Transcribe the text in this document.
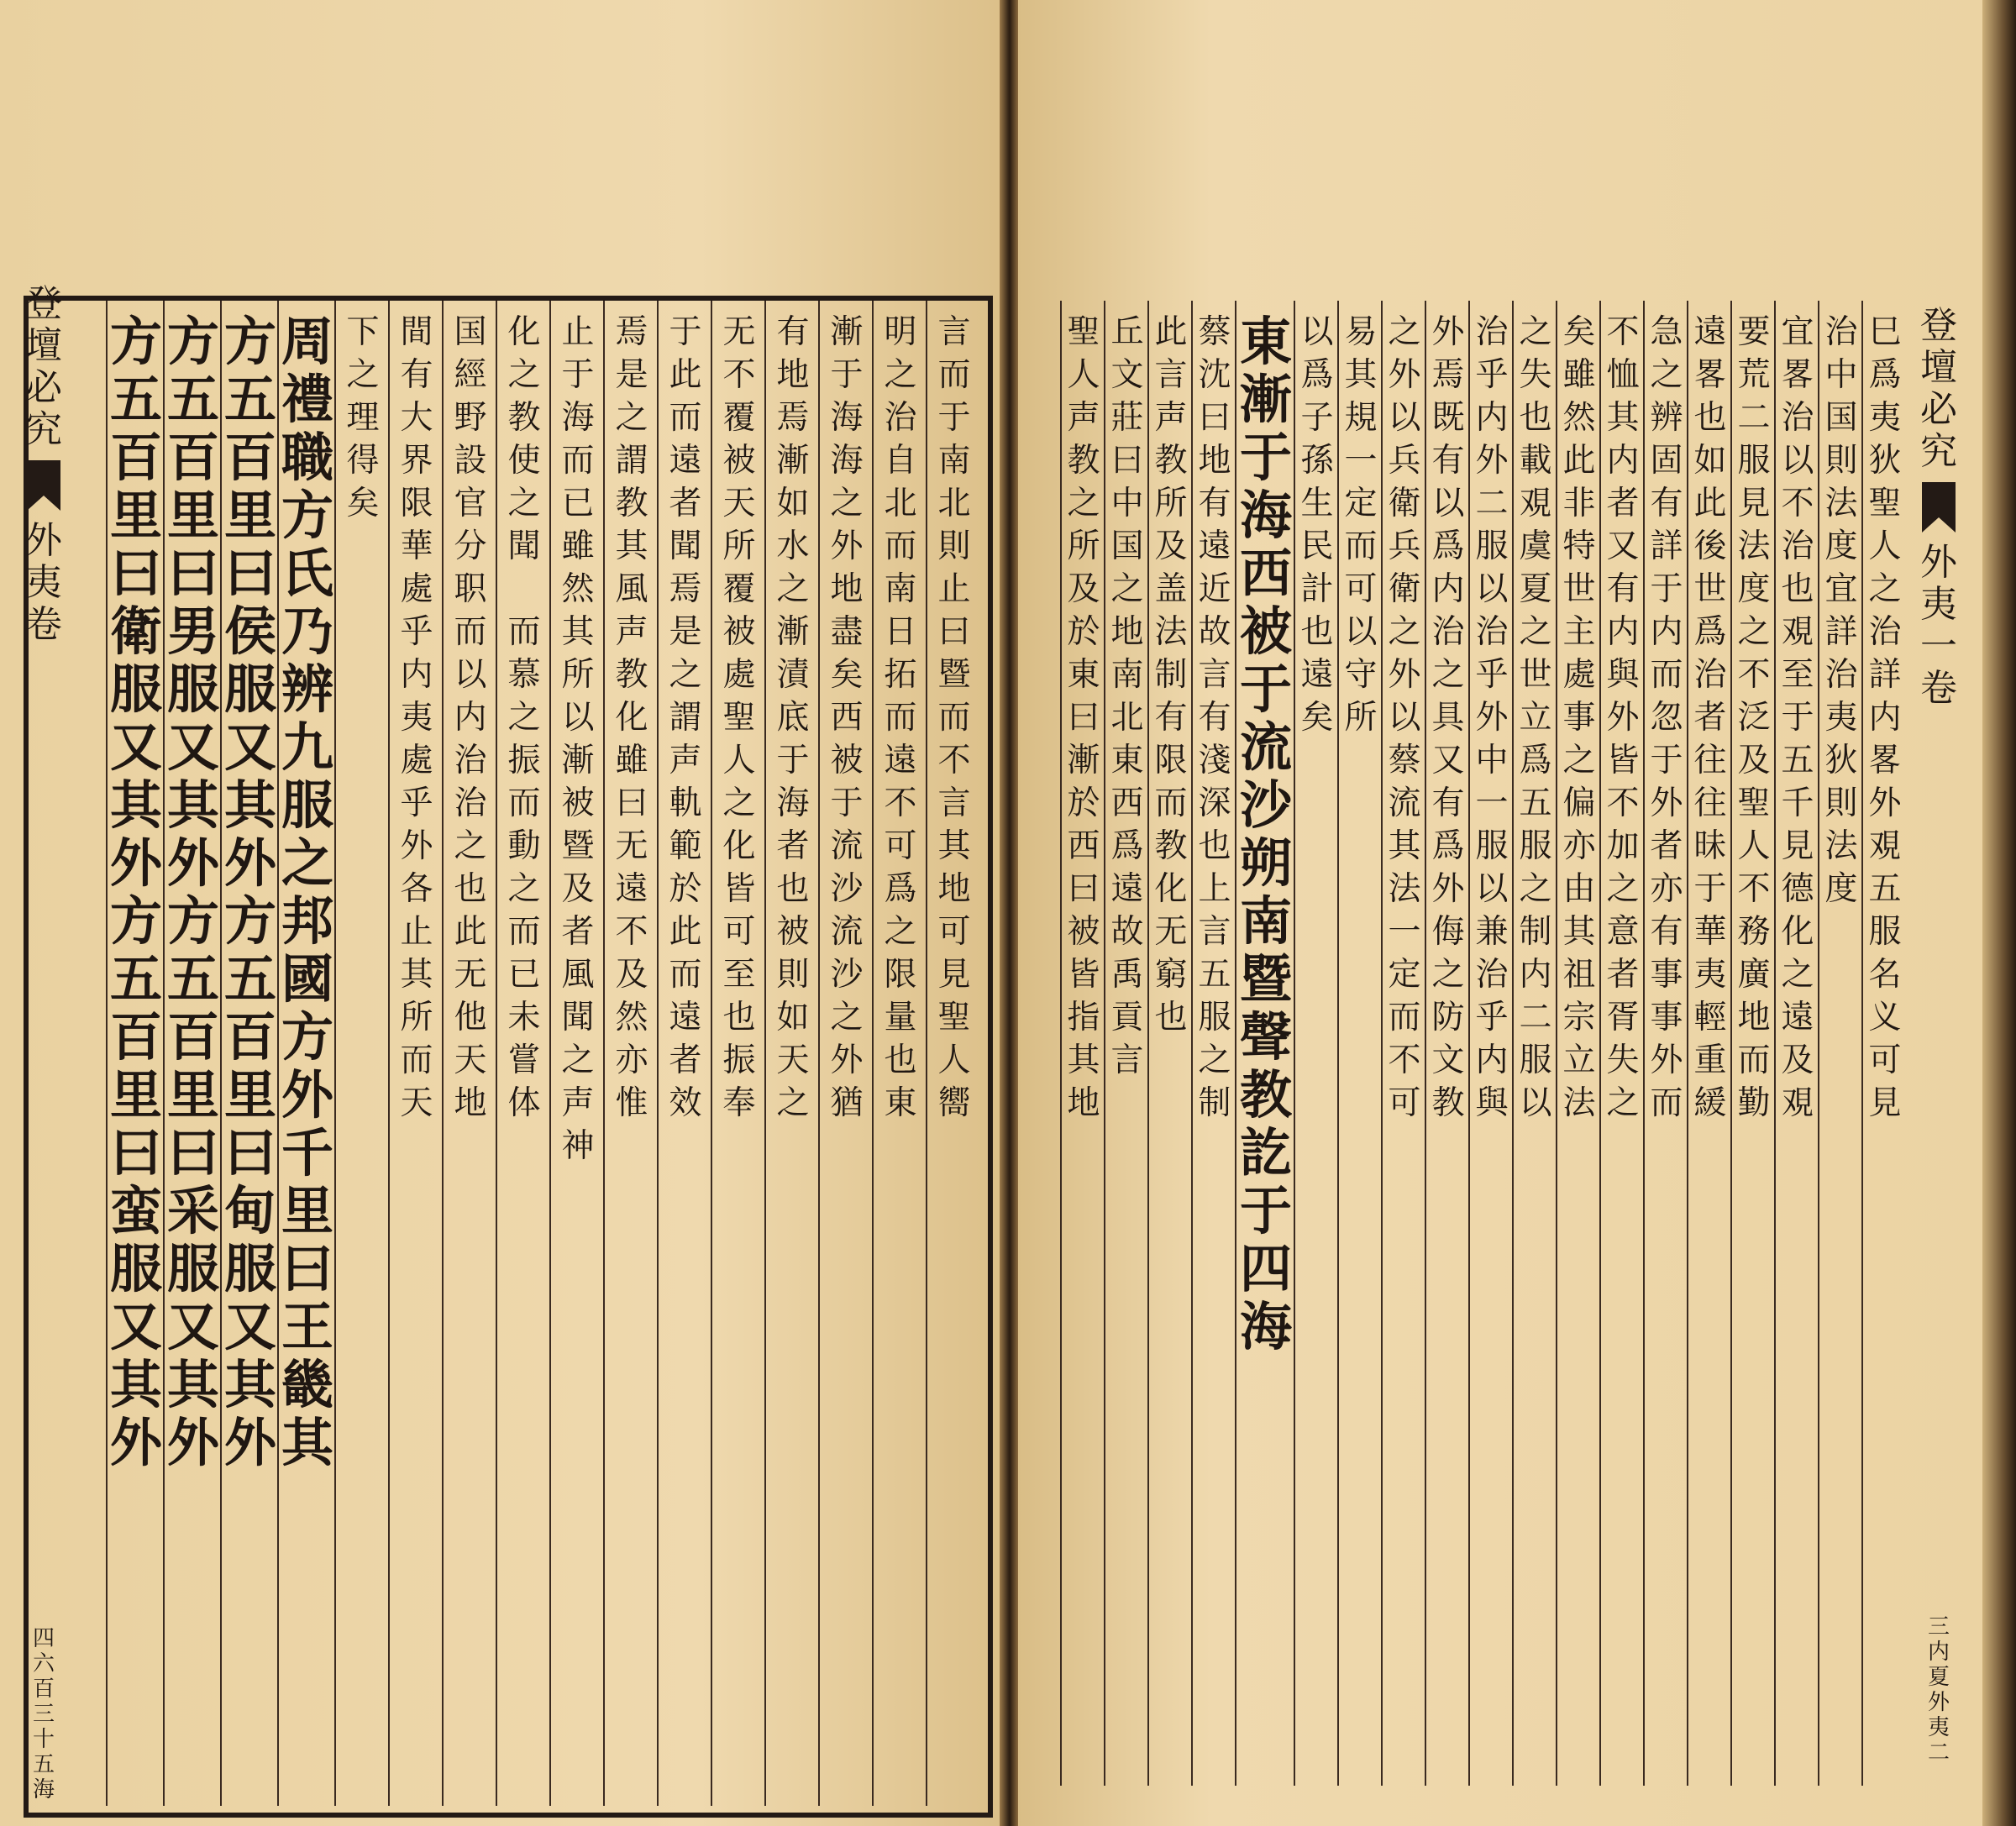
登
壇
必
究
外
夷
卷
四
六
百
三
十
五
海
言
而
于
南
北
則
止
曰
暨
而
不
言
其
地
可
見
聖
人
嚮
明
之
治
自
北
而
南
日
拓
而
遠
不
可
爲
之
限
量
也
東
漸
于
海
海
之
外
地
盡
矣
西
被
于
流
沙
流
沙
之
外
猶
有
地
焉
漸
如
水
之
漸
漬
底
于
海
者
也
被
則
如
天
之
无
不
覆
被
天
所
覆
被
處
聖
人
之
化
皆
可
至
也
振
奉
于
此
而
遠
者
聞
焉
是
之
謂
声
軌
範
於
此
而
遠
者
效
焉
是
之
謂
教
其
風
声
教
化
雖
曰
无
遠
不
及
然
亦
惟
止
于
海
而
已
雖
然
其
所
以
漸
被
暨
及
者
風
聞
之
声
神
化
之
教
使
之
聞

而
慕
之
振
而
動
之
而
已
未
嘗
体
国
經
野
設
官
分
职
而
以
内
治
治
之
也
此
无
他
天
地
間
有
大
界
限
華
處
乎
内
夷
處
乎
外
各
止
其
所
而
天
下
之
理
得
矣
周
禮
職
方
氏
乃
辨
九
服
之
邦
國
方
外
千
里
曰
王
畿
其
方
五
百
里
曰
侯
服
又
其
外
方
五
百
里
曰
甸
服
又
其
外
方
五
百
里
曰
男
服
又
其
外
方
五
百
里
曰
采
服
又
其
外
方
五
百
里
曰
衛
服
又
其
外
方
五
百
里
曰
蛮
服
又
其
外
巳
爲
夷
狄
聖
人
之
治
詳
内
畧
外
覌
五
服
名
义
可
見
治
中
国
則
法
度
宜
詳
治
夷
狄
則
法
度
宜
畧
治
以
不
治
也
覌
至
于
五
千
見
德
化
之
遠
及
覌
要
荒
二
服
見
法
度
之
不
泛
及
聖
人
不
務
廣
地
而
勤
遠
畧
也
如
此
後
世
爲
治
者
往
往
昧
于
華
夷
輕
重
緩
急
之
辨
固
有
詳
于
内
而
忽
于
外
者
亦
有
事
事
外
而
不
恤
其
内
者
又
有
内
與
外
皆
不
加
之
意
者
胥
失
之
矣
雖
然
此
非
特
世
主
處
事
之
偏
亦
由
其
祖
宗
立
法
之
失
也
載
覌
虞
夏
之
世
立
爲
五
服
之
制
内
二
服
以
治
乎
内
外
二
服
以
治
乎
外
中
一
服
以
兼
治
乎
内
與
外
焉
既
有
以
爲
内
治
之
具
又
有
爲
外
侮
之
防
文
教
之
外
以
兵
衛
兵
衛
之
外
以
蔡
流
其
法
一
定
而
不
可
易
其
規
一
定
而
可
以
守
所
以
爲
子
孫
生
民
計
也
遠
矣
東
漸
于
海
西
被
于
流
沙
朔
南
暨
聲
教
訖
于
四
海
蔡
沈
曰
地
有
遠
近
故
言
有
淺
深
也
上
言
五
服
之
制
此
言
声
教
所
及
盖
法
制
有
限
而
教
化
无
窮
也
丘
文
莊
曰
中
国
之
地
南
北
東
西
爲
遠
故
禹
貢
言
聖
人
声
教
之
所
及
於
東
曰
漸
於
西
曰
被
皆
指
其
地
登
壇
必
究
外
夷
一
卷
三
内
夏
外
夷
二
